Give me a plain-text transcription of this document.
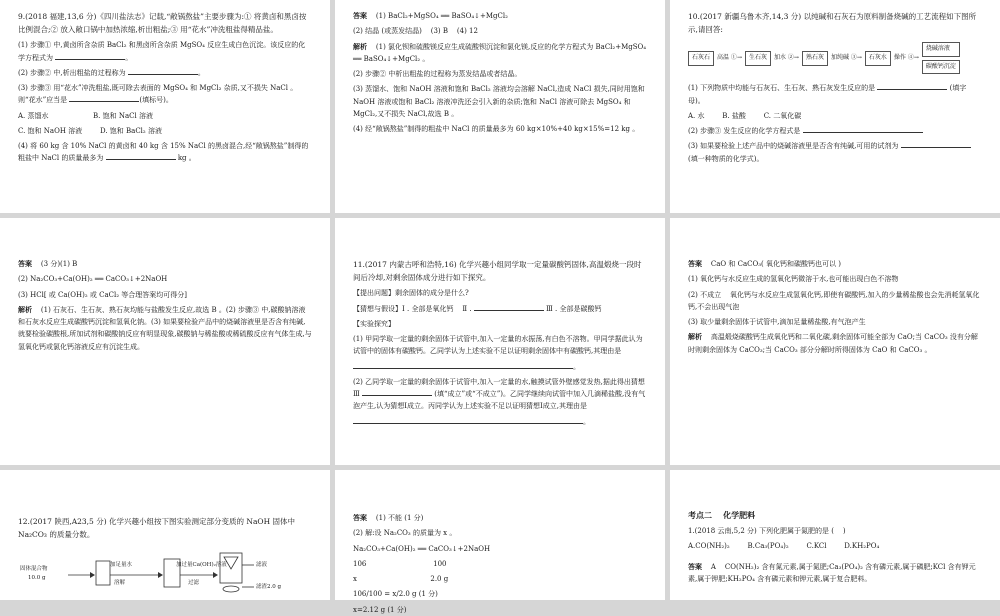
9.(2018 福建,13,6 分)《四川盐法志》记载,“敞锅熬盐”主要步骤为:① 将黄卤和黑卤按比例混合;② 放入敞口锅中加热浓缩,析出粗盐;③ 用“花水”冲洗粗盐得精品盐。

(1) 步骤① 中,黄卤所含杂质 BaCl₂ 和黑卤所含杂质 MgSO₄ 反应生成白色沉淀。该反应的化学方程式为	。

(2) 步骤② 中,析出粗盐的过程称为	。

(3) 步骤③ 用“花水”冲洗粗盐,既可除去表面的 MgSO₄ 和 MgCl₂ 杂质,又不损失 NaCl 。则“花水”应当是	(填标号)。

A. 蒸馏水	B. 饱和 NaCl 溶液

C. 饱和 NaOH 溶液	D. 饱和 BaCl₂ 溶液

(4) 将 60 kg 含 10% NaCl 的黄卤和 40 kg 含 15% NaCl 的黑卤混合,经“敞锅熬盐”制得的粗盐中 NaCl 的质量最多为	kg 。

答案 (1) BaCl₂+MgSO₄ ══ BaSO₄↓+MgCl₂

(2) 结晶 (或蒸发结晶)    (3) B    (4) 12

解析 (1) 氯化钡和硫酸镁反应生成硫酸钡沉淀和氯化镁,反应的化学方程式为 BaCl₂+MgSO₄ ══ BaSO₄↓+MgCl₂ 。

(2) 步骤② 中析出粗盐的过程称为蒸发结晶或者结晶。

(3) 蒸馏水、饱和 NaOH 溶液和饱和 BaCl₂ 溶液均会溶解 NaCl,造成 NaCl 损失,同时用饱和 NaOH 溶液或饱和 BaCl₂ 溶液冲洗还会引入新的杂质;饱和 NaCl 溶液可除去 MgSO₄ 和 MgCl₂,又不损失 NaCl,故选 B 。

(4) 经“敞锅熬盐”制得的粗盐中 NaCl 的质量最多为 60 kg×10%+40 kg×15%=12 kg 。

10.(2017 新疆乌鲁木齐,14,3 分) 以纯碱和石灰石为原料制备烧碱的工艺流程如下图所示,请回答:

石灰石	高温 ①→	生石灰	加水 ②→	熟石灰	加纯碱 ③→	石灰水	操作 ④→
烧碱溶液
碳酸钙沉淀

(1) 下列物质中均能与石灰石、生石灰、熟石灰发生反应的是	(填字母)。

A. 水        B. 盐酸        C. 二氧化碳

(2) 步骤③ 发生反应的化学方程式是

(3) 如果要检验上述产品中的烧碱溶液里是否含有纯碱,可用的试剂为  (填一种物质的化学式)。

答案 (3 分)(1) B

(2) Na₂CO₃+Ca(OH)₂ ══ CaCO₃↓+2NaOH

(3) HCl[ 或 Ca(OH)₂ 或 CaCl₂ 等合理答案均可得分]

解析 (1) 石灰石、生石灰、熟石灰均能与盐酸发生反应,故选 B 。(2) 步骤③ 中,碳酸钠溶液和石灰水反应生成碳酸钙沉淀和氢氧化钠。(3) 如果要检验产品中的烧碱溶液里是否含有纯碱,就要检验碳酸根,所加试剂和碳酸钠反应有明显现象,碳酸钠与稀盐酸或稀硫酸反应有气体生成,与氢氧化钙或氯化钙溶液反应有沉淀生成。

11.(2017 内蒙古呼和浩特,16) 化学兴趣小组同学取一定量碳酸钙固体,高温煅烧一段时间后冷却,对剩余固体成分进行如下探究。

【提出问题】剩余固体的成分是什么?

【猜想与假设】Ⅰ . 全部是氧化钙    Ⅱ .	Ⅲ . 全部是碳酸钙

【实验探究】

(1) 甲同学取一定量的剩余固体于试管中,加入一定量的水振荡,有白色不溶物。甲同学据此认为试管中的固体有碳酸钙。乙同学认为上述实验不足以证明剩余固体中有碳酸钙,其理由是

。

(2) 乙同学取一定量的剩余固体于试管中,加入一定量的水,触摸试管外壁感觉发热,据此得出猜想Ⅲ	(填“成立”或“不成立”)。乙同学继续向试管中加入几滴稀盐酸,没有气泡产生,认为猜想Ⅰ成立。丙同学认为上述实验不足以证明猜想Ⅰ成立,其理由是

。

答案 CaO 和 CaCO₃( 氧化钙和碳酸钙也可以 )

(1) 氧化钙与水反应生成的氢氧化钙微溶于水,也可能出现白色不溶物

(2) 不成立    氧化钙与水反应生成氢氧化钙,即使有碳酸钙,加入的少量稀盐酸也会先消耗氢氧化钙,不会出现气泡

(3) 取少量剩余固体于试管中,滴加足量稀盐酸,有气泡产生

解析 高温煅烧碳酸钙生成氧化钙和二氧化碳,剩余固体可能全部为 CaO;当 CaCO₃ 没有分解时则剩余固体为 CaCO₃;当 CaCO₃ 部分分解时所得固体为 CaO 和 CaCO₃ 。

12.(2017 陕西,A23,5 分) 化学兴趣小组按下图实验测定部分变质的 NaOH 固体中 Na₂CO₃ 的质量分数。

固体混合物
10.0 g
加足量水
溶解
加过量Ca(OH)₂溶液
过滤
滤液
滤渣2.0 g

答案 (1) 不能 (1 分)

(2) 解:设 Na₂CO₃ 的质量为 x 。

Na₂CO₃+Ca(OH)₂ ══ CaCO₃↓+2NaOH

106                              100

x                                 2.0 g

106/100 = x/2.0 g (1 分)

x=2.12 g (1 分)

考点二    化学肥料

1.(2018 云南,5,2 分) 下列化肥属于氮肥的是 (    )

A.CO(NH₂)₂        B.Ca₃(PO₄)₂        C.KCl        D.KH₂PO₄

答案 A    CO(NH₂)₂ 含有氮元素,属于氮肥;Ca₃(PO₄)₂ 含有磷元素,属于磷肥;KCl 含有钾元素,属于钾肥;KH₂PO₄ 含有磷元素和钾元素,属于复合肥料。
